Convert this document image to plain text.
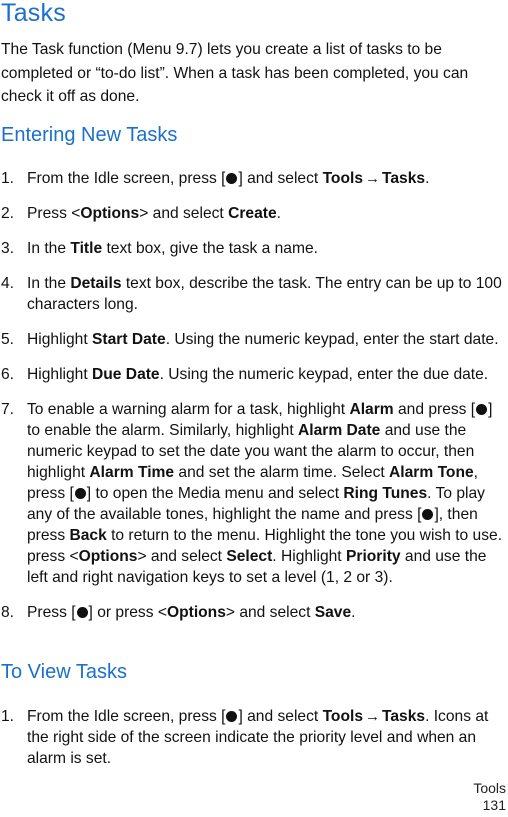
Tasks

The Task function (Menu 9.7) lets you create a list of tasks to be completed or “to-do list”. When a task has been completed, you can check it off as done.

Entering New Tasks
1. From the Idle screen, press [ ] and select Tools → Tasks.
2. Press <Options> and select Create.
3. In the Title text box, give the task a name.
4. In the Details text box, describe the task. The entry can be up to 100 characters long.
5. Highlight Start Date. Using the numeric keypad, enter the start date.
6. Highlight Due Date. Using the numeric keypad, enter the due date.
7. To enable a warning alarm for a task, highlight Alarm and press [ ] to enable the alarm. Similarly, highlight Alarm Date and use the numeric keypad to set the date you want the alarm to occur, then highlight Alarm Time and set the alarm time. Select Alarm Tone, press [ ] to open the Media menu and select Ring Tunes. To play any of the available tones, highlight the name and press [ ], then press Back to return to the menu. Highlight the tone you wish to use. press <Options> and select Select. Highlight Priority and use the left and right navigation keys to set a level (1, 2 or 3).
8. Press [ ] or press <Options> and select Save.
To View Tasks
1. From the Idle screen, press [ ] and select Tools → Tasks. Icons at the right side of the screen indicate the priority level and when an alarm is set.
Tools
131
